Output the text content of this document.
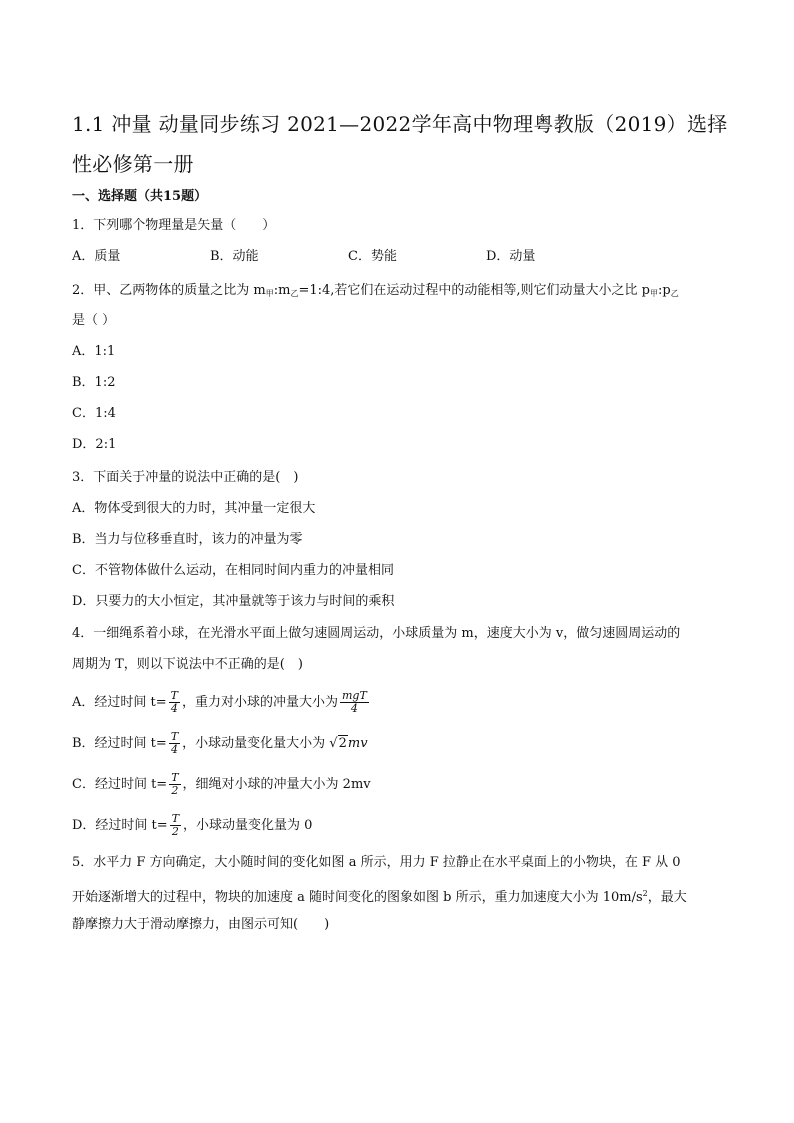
1.1 冲量 动量同步练习 2021—2022学年高中物理粤教版（2019）选择性必修第一册
一、选择题（共15题）
1．下列哪个物理量是矢量（　　）
A．质量	B．动能	C．势能	D．动量
2．甲、乙两物体的质量之比为 $m_甲:m_乙=1:4$,若它们在运动过程中的动能相等,则它们动量大小之比 $p_甲:p_乙$
是（ ）
A．1:1
B．1:2
C．1:4
D．2:1
3．下面关于冲量的说法中正确的是(　)
A．物体受到很大的力时，其冲量一定很大
B．当力与位移垂直时，该力的冲量为零
C．不管物体做什么运动，在相同时间内重力的冲量相同
D．只要力的大小恒定，其冲量就等于该力与时间的乘积
4．一细绳系着小球，在光滑水平面上做匀速圆周运动，小球质量为 m，速度大小为 v，做匀速圆周运动的
周期为 T，则以下说法中不正确的是(　)
A．经过时间 $t= \frac{T}{4}$ ，重力对小球的冲量大小为 $\frac{\text{mgT}}{4}$
B．经过时间 $t= \frac{T}{4}$ ，小球动量变化量大小为 √2mv
C．经过时间 $t= \frac{T}{2}$ ，细绳对小球的冲量大小为 2mv
D．经过时间 $t= \frac{T}{2}$ ，小球动量变化量为 0
5．水平力 F 方向确定，大小随时间的变化如图 a 所示，用力 F 拉静止在水平桌面上的小物块，在 F 从 0
开始逐渐增大的过程中，物块的加速度 a 随时间变化的图象如图 b 所示，重力加速度大小为 $10m/s^2$，最大
静摩擦力大于滑动摩擦力，由图示可知(　　)
